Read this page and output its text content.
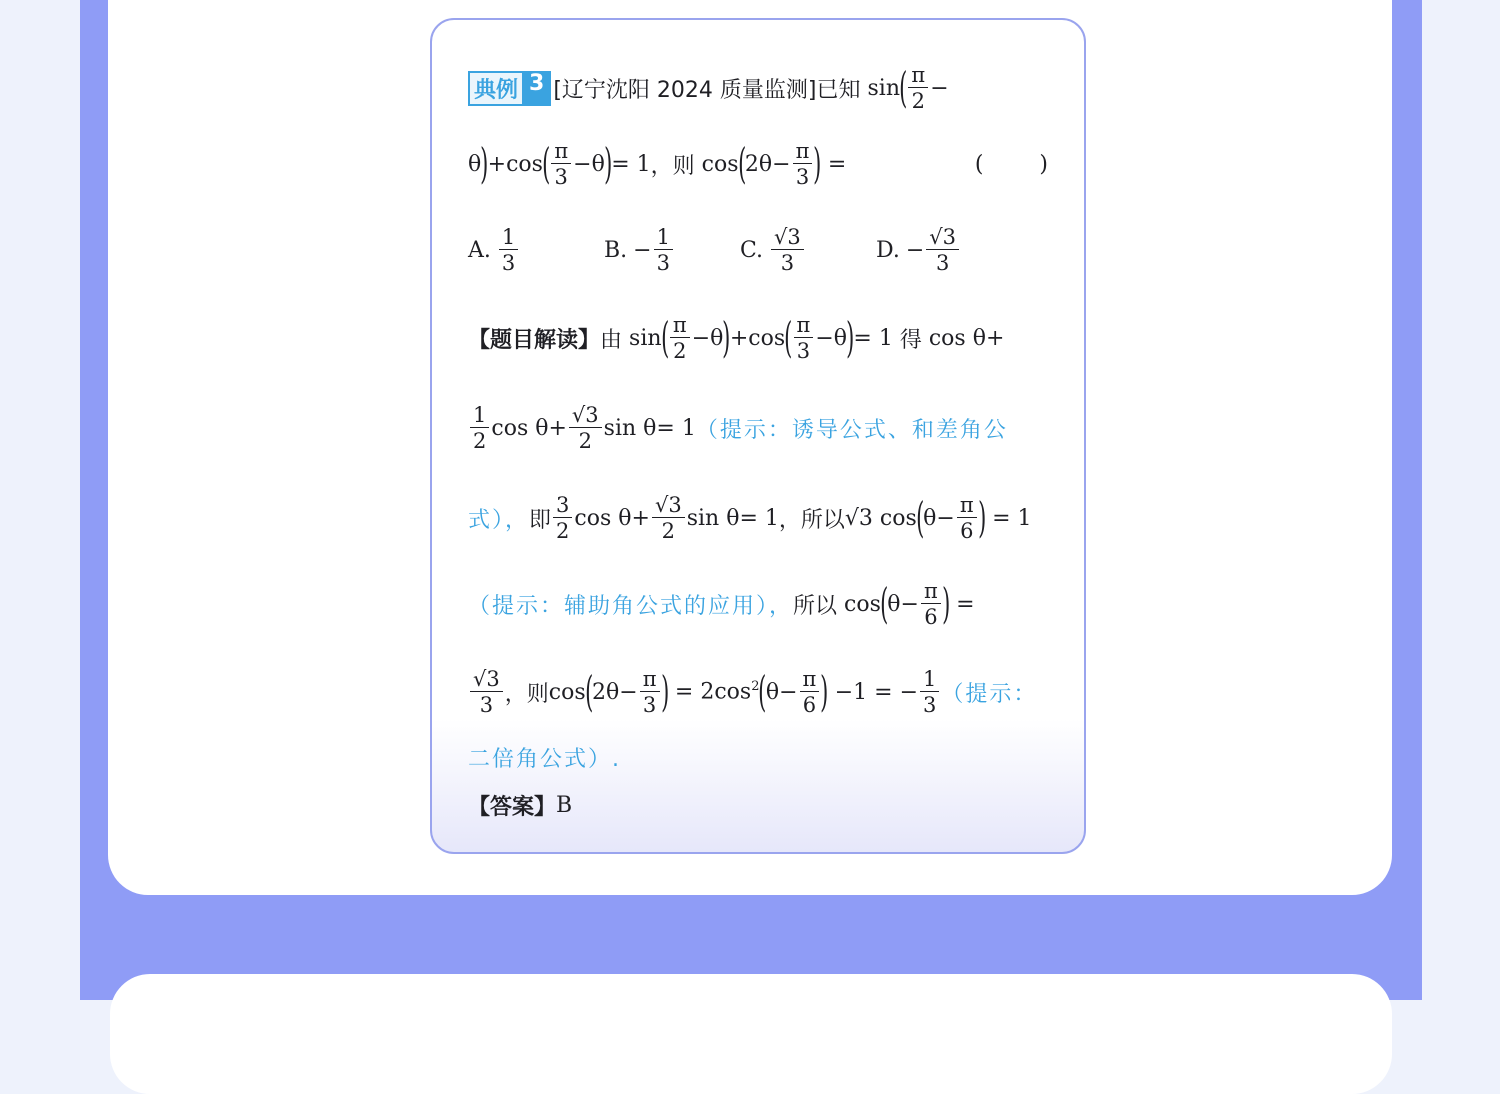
典例 3 [辽宁沈阳 2024 质量监测] 已知 sin ( $\frac{\pi}{2}$ −
θ ) +cos ( $\frac{\pi}{3} - \theta$ ) = 1 ，则 cos ( 2 $\theta - \frac{\pi}{3}$ )
=	(        )
A. $\frac{1}{3}$	B. − $\frac{1}{3}$	C. $\frac{√3}{3}$	D. − $\frac{√3}{3}$
【题目解读】 由 sin ( $\frac{\pi}{2} - \theta$ ) +cos ( $\frac{\pi}{3} - \theta$ ) = 1
得 cos θ +
$\frac{1}{2}$ $\cos \theta + \frac{√3}{2}$ sin θ = 1 （提示：诱导公式、和差角公
式）， 即 $\frac{3}{2}$ $\cos \theta + \frac{√3}{2}$ sin θ = 1 ，所以 √3 cos ( $\theta - \frac{\pi}{6}$ )
= 1
（提示：辅助角公式的应用）， 所以 cos ( $\theta - \frac{\pi}{6}$ )
=
$\frac{√3}{3}$ ，则 cos ( 2 $\theta - \frac{\pi}{3}$ ) = $2\cos^2$ ( $\theta - \frac{\pi}{6}$ ) −1 = − $\frac{1}{3}$ （提示：
二倍角公式）.
【答案】 B
